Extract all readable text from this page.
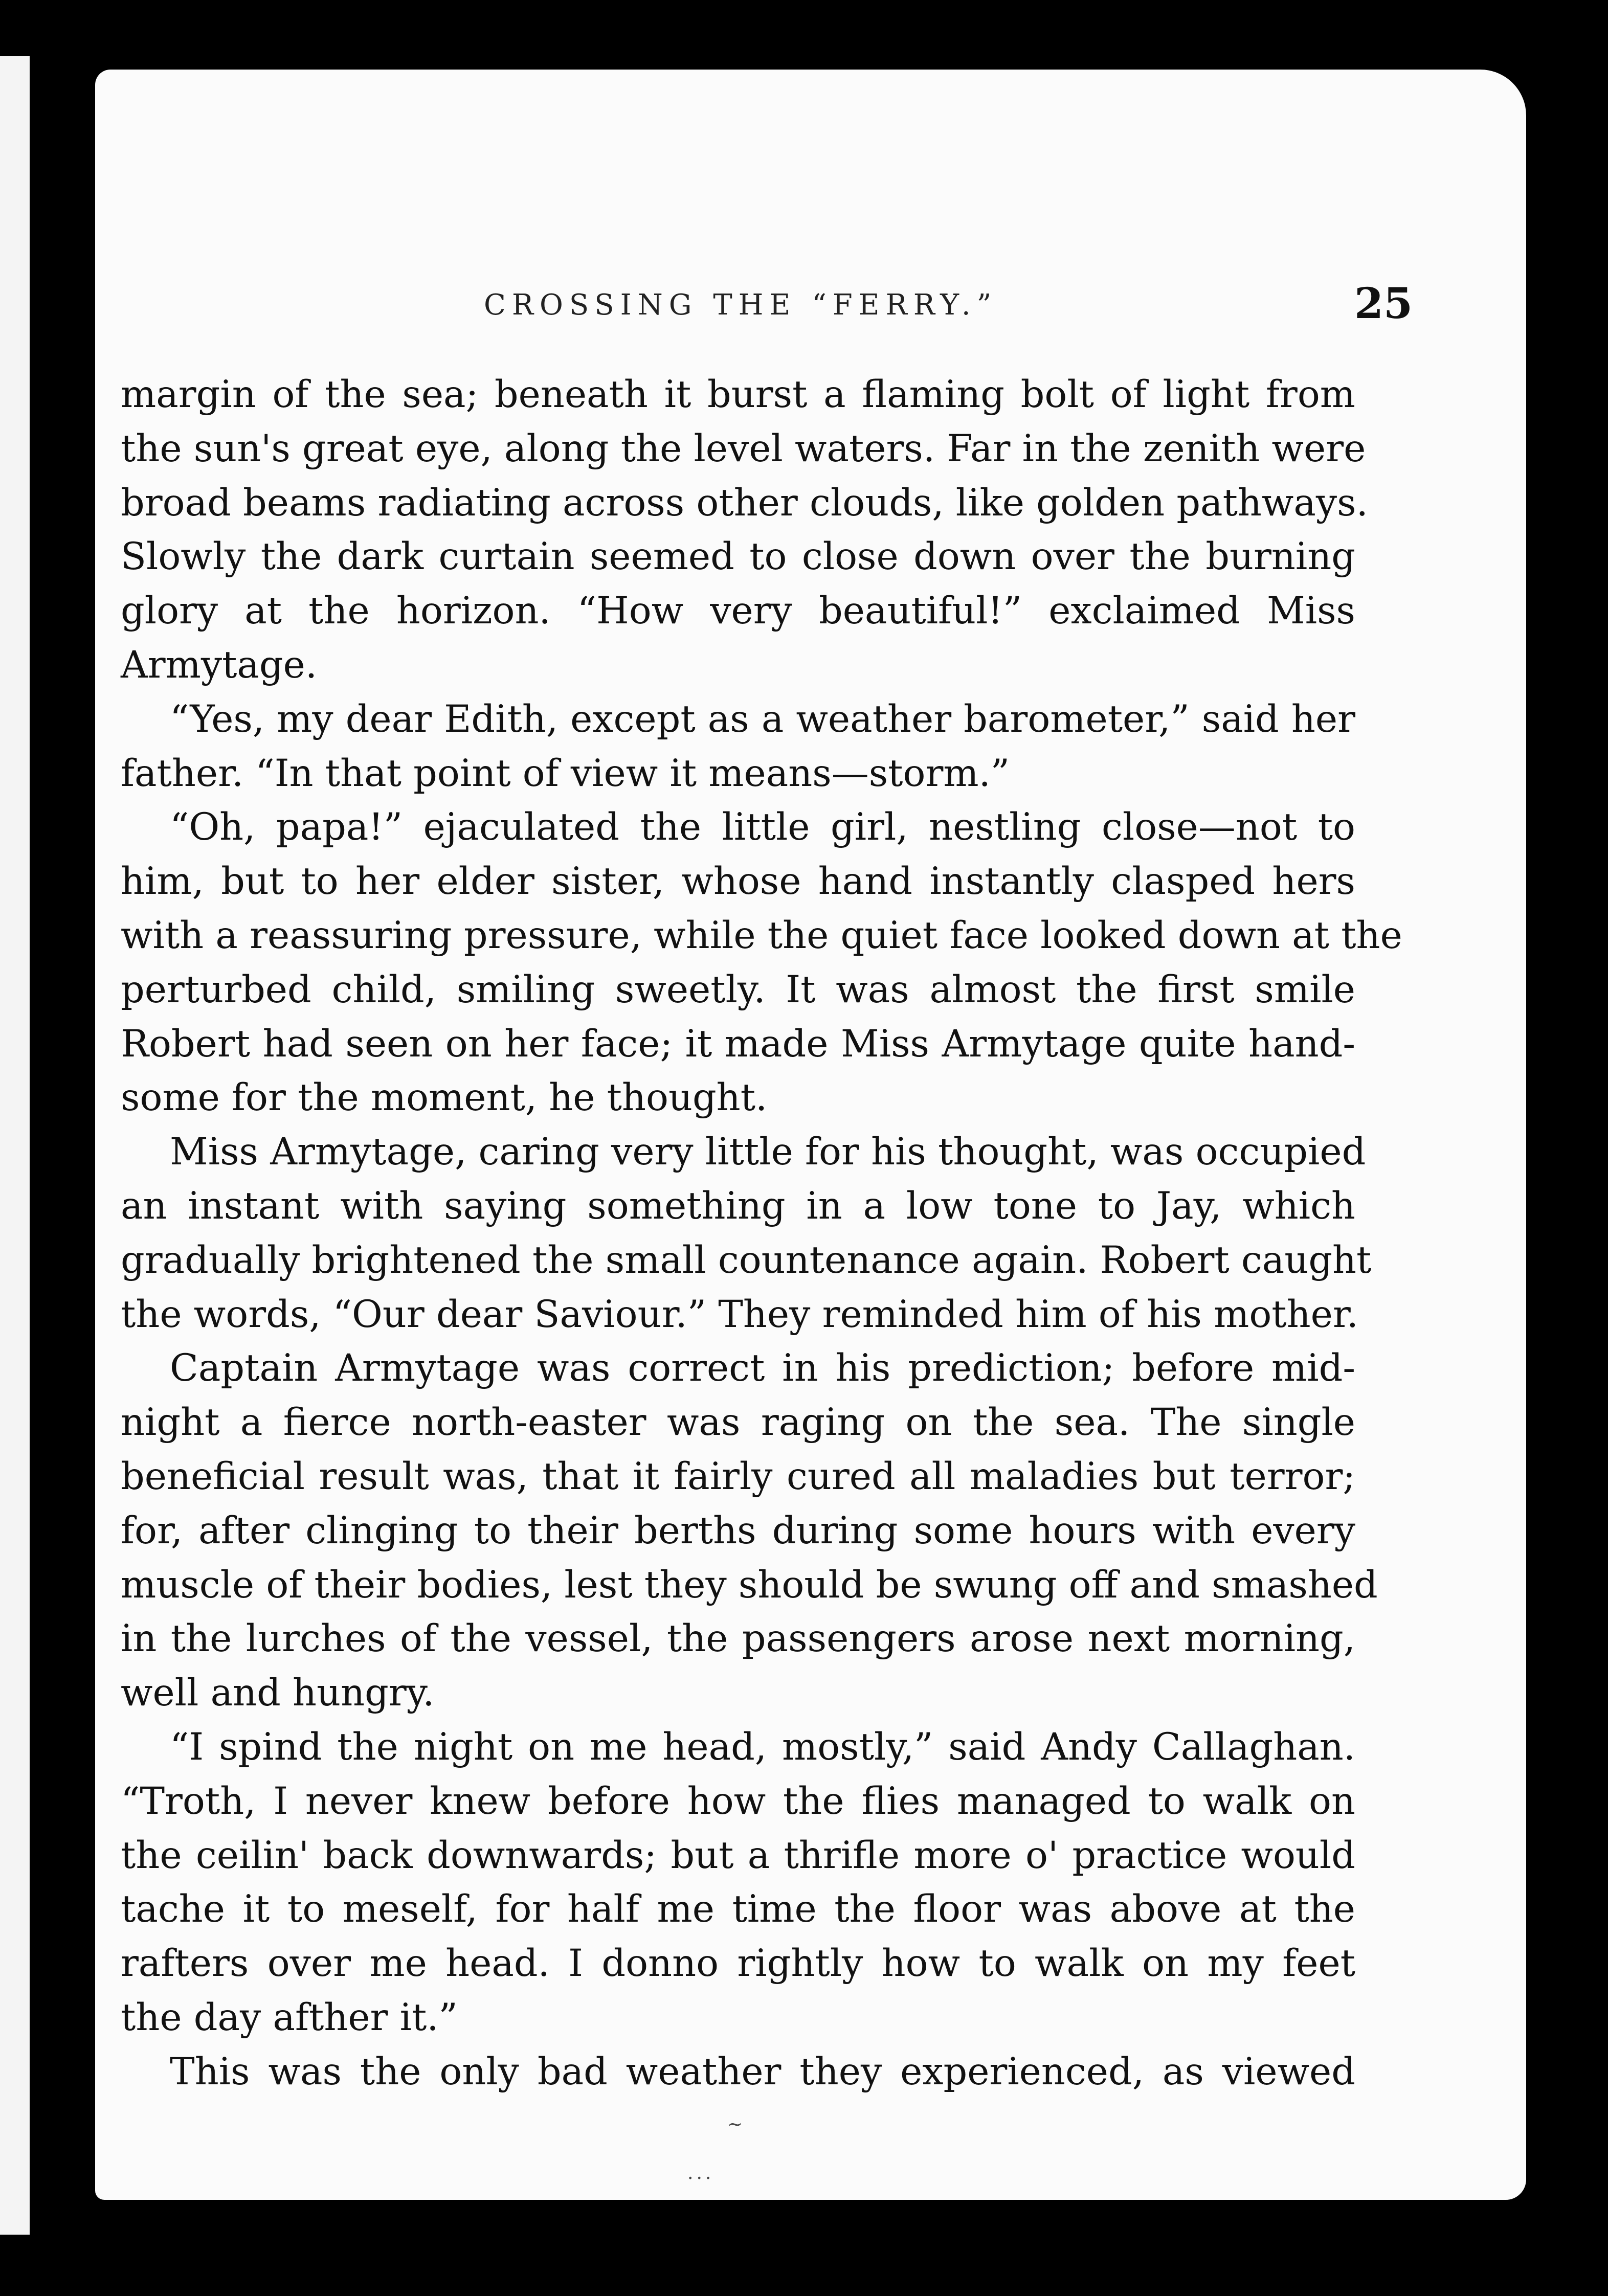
CROSSING THE “FERRY.”	25
margin of the sea; beneath it burst a flaming bolt of light from
the sun's great eye, along the level waters. Far in the zenith were
broad beams radiating across other clouds, like golden pathways.
Slowly the dark curtain seemed to close down over the burning
glory at the horizon. “How very beautiful!” exclaimed Miss
Armytage.
“Yes, my dear Edith, except as a weather barometer,” said her
father. “In that point of view it means—storm.”
“Oh, papa!” ejaculated the little girl, nestling close—not to
him, but to her elder sister, whose hand instantly clasped hers
with a reassuring pressure, while the quiet face looked down at the
perturbed child, smiling sweetly. It was almost the first smile
Robert had seen on her face; it made Miss Armytage quite hand-
some for the moment, he thought.
Miss Armytage, caring very little for his thought, was occupied
an instant with saying something in a low tone to Jay, which
gradually brightened the small countenance again. Robert caught
the words, “Our dear Saviour.” They reminded him of his mother.
Captain Armytage was correct in his prediction; before mid-
night a fierce north-easter was raging on the sea. The single
beneficial result was, that it fairly cured all maladies but terror;
for, after clinging to their berths during some hours with every
muscle of their bodies, lest they should be swung off and smashed
in the lurches of the vessel, the passengers arose next morning,
well and hungry.
“I spind the night on me head, mostly,” said Andy Callaghan.
“Troth, I never knew before how the flies managed to walk on
the ceilin' back downwards; but a thrifle more o' practice would
tache it to meself, for half me time the floor was above at the
rafters over me head. I donno rightly how to walk on my feet
the day afther it.”
This was the only bad weather they experienced, as viewed
~
...
